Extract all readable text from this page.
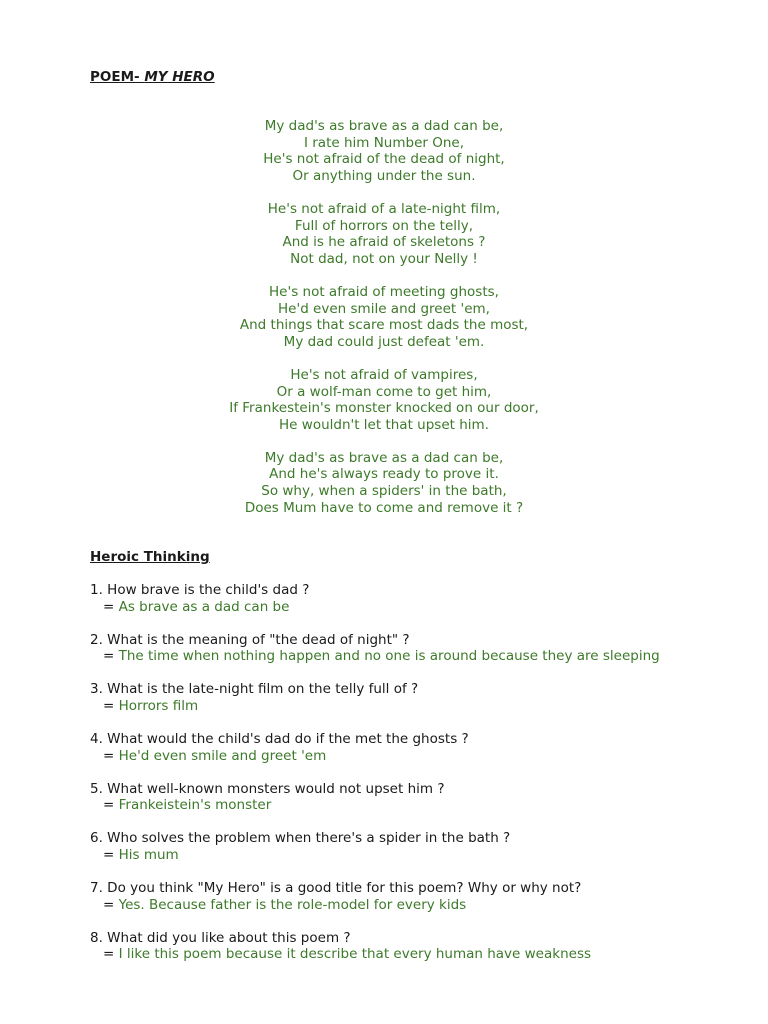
POEM- MY HERO
My dad's as brave as a dad can be,
I rate him Number One,
He's not afraid of the dead of night,
Or anything under the sun.
He's not afraid of a late-night film,
Full of horrors on the telly,
And is he afraid of skeletons ?
Not dad, not on your Nelly !
He's not afraid of meeting ghosts,
He'd even smile and greet 'em,
And things that scare most dads the most,
My dad could just defeat 'em.
He's not afraid of vampires,
Or a wolf-man come to get him,
If Frankestein's monster knocked on our door,
He wouldn't let that upset him.
My dad's as brave as a dad can be,
And he's always ready to prove it.
So why, when a spiders' in the bath,
Does Mum have to come and remove it ?
Heroic Thinking
1. How brave is the child's dad ?
= As brave as a dad can be
2. What is the meaning of "the dead of night" ?
= The time when nothing happen and no one is around because they are sleeping
3. What is the late-night film on the telly full of ?
= Horrors film
4. What would the child's dad do if the met the ghosts ?
= He'd even smile and greet 'em
5. What well-known monsters would not upset him ?
= Frankeistein's monster
6. Who solves the problem when there's a spider in the bath ?
= His mum
7. Do you think "My Hero" is a good title for this poem? Why or why not?
= Yes. Because father is the role-model for every kids
8. What did you like about this poem ?
= I like this poem because it describe that every human have weakness
